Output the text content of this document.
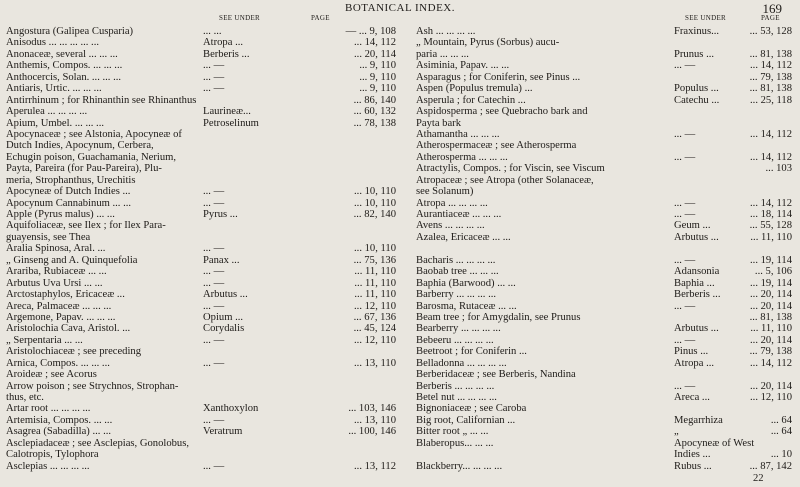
BOTANICAL INDEX.	169
SEE UNDER	PAGE
Angostura (Galipea Cusparia)	... ...	— ... 9, 108
Anisodus ... ... ... ... ...	Atropa ...	... 14, 112
Anonaceæ, several ... ... ...	Berberis ...	... 20, 114
Anthemis, Compos. ... ... ...	... —	... 9, 110
Anthocercis, Solan. ... ... ...	... —	... 9, 110
Antiaris, Urtic. ... ... ...	... —	... 9, 110
Antirrhinum ; for Rhinanthin see Rhinanthus	... 86, 140
Aperulea ... ... ... ...	Laurineæ...	... 60, 132
Apium, Umbel. ... ... ...	Petroselinum	... 78, 138
Apocynaceæ ; see Alstonia, Apocyneæ of
Dutch Indies, Apocynum, Cerbera,
Echugin poison, Guachamania, Nerium,
Payta, Pareira (for Pau-Pareira), Plu-
meria, Strophanthus, Urechitis
Apocyneæ of Dutch Indies ...	... —	... 10, 110
Apocynum Cannabinum ... ...	... —	... 10, 110
Apple (Pyrus malus) ... ...	Pyrus ...	... 82, 140
Aquifoliaceæ, see Ilex ; for Ilex Para-
guayensis, see Thea
Aralia Spinosa, Aral. ...	... —	... 10, 110
„ Ginseng and A. Quinquefolia	Panax ...	... 75, 136
Arariba, Rubiaceæ ... ...	... —	... 11, 110
Arbutus Uva Ursi ... ...	... —	... 11, 110
Arctostaphylos, Ericaceæ ...	Arbutus ...	... 11, 110
Areca, Palmaceæ ... ... ...	... —	... 12, 110
Argemone, Papav. ... ... ...	Opium ...	... 67, 136
Aristolochia Cava, Aristol. ...	Corydalis	... 45, 124
„ Serpentaria ... ...	... —	... 12, 110
Aristolochiaceæ ; see preceding
Arnica, Compos. ... ... ...	... —	... 13, 110
Aroideæ ; see Acorus
Arrow poison ; see Strychnos, Strophan-
thus, etc.
Artar root ... ... ... ...	Xanthoxylon	... 103, 146
Artemisia, Compos. ... ...	... —	... 13, 110
Asagrea (Sabadilla) ... ...	Veratrum	... 100, 146
Asclepiadaceæ ; see Asclepias, Gonolobus,
Calotropis, Tylophora
Asclepias ... ... ... ...	... —	... 13, 112
SEE UNDER	PAGE
Ash ... ... ... ...	Fraxinus...	... 53, 128
„ Mountain, Pyrus (Sorbus) aucu-
paria ... ... ...	Prunus ...	... 81, 138
Asiminia, Papav. ... ...	... —	... 14, 112
Asparagus ; for Coniferin, see Pinus ...	... 79, 138
Aspen (Populus tremula) ...	Populus ...	... 81, 138
Asperula ; for Catechin ...	Catechu ...	... 25, 118
Aspidosperma ; see Quebracho bark and
Payta bark
Athamantha ... ... ...	... —	... 14, 112
Atherospermaceæ ; see Atherosperma
Atherosperma ... ... ...	... —	... 14, 112
Atractylis, Compos. ; for Viscin, see Viscum	... 103
Atropaceæ ; see Atropa (other Solanaceæ,
see Solanum)
Atropa ... ... ... ...	... —	... 14, 112
Aurantiaceæ ... ... ...	... —	... 18, 114
Avens ... ... ... ...	Geum ...	... 55, 128
Azalea, Ericaceæ ... ...	Arbutus ...	... 11, 110
Bacharis ... ... ... ...	... —	... 19, 114
Baobab tree ... ... ...	Adansonia	... 5, 106
Baphia (Barwood) ... ...	Baphia ...	... 19, 114
Barberry ... ... ... ...	Berberis ...	... 20, 114
Barosma, Rutaceæ ... ...	... —	... 20, 114
Beam tree ; for Amygdalin, see Prunus	... 81, 138
Bearberry ... ... ... ...	Arbutus ...	... 11, 110
Bebeeru ... ... ... ...	... —	... 20, 114
Beetroot ; for Coniferin ...	Pinus ...	... 79, 138
Belladonna ... ... ... ...	Atropa ...	... 14, 112
Berberidaceæ ; see Berberis, Nandina
Berberis ... ... ... ...	... —	... 20, 114
Betel nut ... ... ... ...	Areca ...	... 12, 110
Bignoniaceæ ; see Caroba
Big root, Californian ...	Megarrhiza	... 64
Bitter root „ ... ...	„	... 64
Blaberopus... ... ...	Apocyneæ of West
Indies ...	... 10
Blackberry... ... ... ...	Rubus ...	... 87, 142
22
